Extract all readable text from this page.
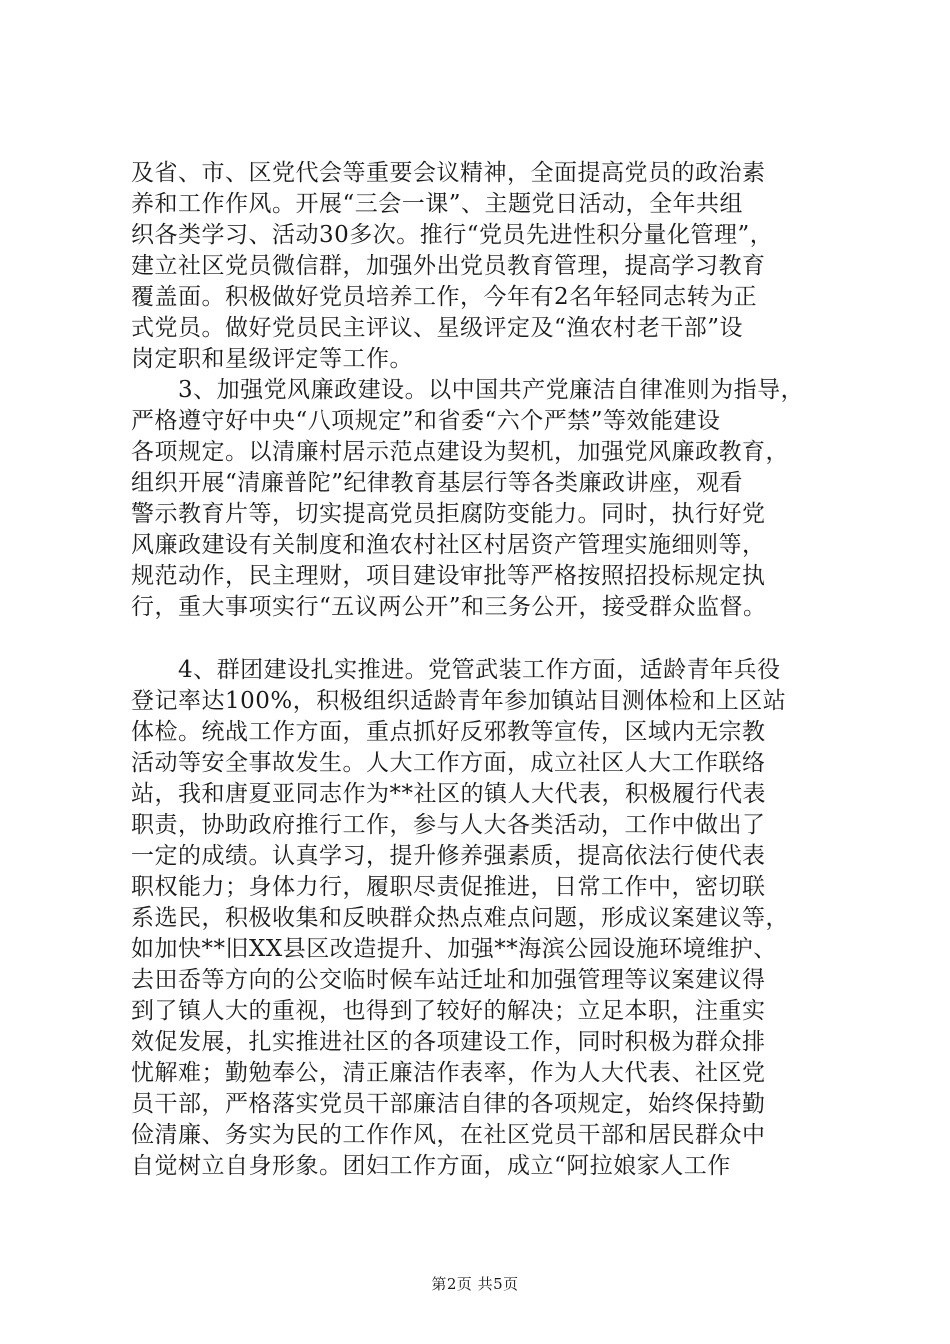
及省、市、区党代会等重要会议精神，全面提高党员的政治素
养和工作作风。开展“三会一课”、主题党日活动，全年共组
织各类学习、活动30多次。推行“党员先进性积分量化管理”，
建立社区党员微信群，加强外出党员教育管理，提高学习教育
覆盖面。积极做好党员培养工作，今年有2名年轻同志转为正
式党员。做好党员民主评议、星级评定及“渔农村老干部”设
岗定职和星级评定等工作。
　　3、加强党风廉政建设。以中国共产党廉洁自律准则为指导，
严格遵守好中央“八项规定”和省委“六个严禁”等效能建设
各项规定。以清廉村居示范点建设为契机，加强党风廉政教育，
组织开展“清廉普陀”纪律教育基层行等各类廉政讲座，观看
警示教育片等，切实提高党员拒腐防变能力。同时，执行好党
风廉政建设有关制度和渔农村社区村居资产管理实施细则等，
规范动作，民主理财，项目建设审批等严格按照招投标规定执
行，重大事项实行“五议两公开”和三务公开，接受群众监督。
　　4、群团建设扎实推进。党管武装工作方面，适龄青年兵役
登记率达100%，积极组织适龄青年参加镇站目测体检和上区站
体检。统战工作方面，重点抓好反邪教等宣传，区域内无宗教
活动等安全事故发生。人大工作方面，成立社区人大工作联络
站，我和唐夏亚同志作为**社区的镇人大代表，积极履行代表
职责，协助政府推行工作，参与人大各类活动，工作中做出了
一定的成绩。认真学习，提升修养强素质，提高依法行使代表
职权能力；身体力行，履职尽责促推进，日常工作中，密切联
系选民，积极收集和反映群众热点难点问题，形成议案建议等，
如加快**旧XX县区改造提升、加强**海滨公园设施环境维护、
去田岙等方向的公交临时候车站迁址和加强管理等议案建议得
到了镇人大的重视，也得到了较好的解决；立足本职，注重实
效促发展，扎实推进社区的各项建设工作，同时积极为群众排
忧解难；勤勉奉公，清正廉洁作表率，作为人大代表、社区党
员干部，严格落实党员干部廉洁自律的各项规定，始终保持勤
俭清廉、务实为民的工作作风，在社区党员干部和居民群众中
自觉树立自身形象。团妇工作方面，成立“阿拉娘家人工作
第2页 共5页
